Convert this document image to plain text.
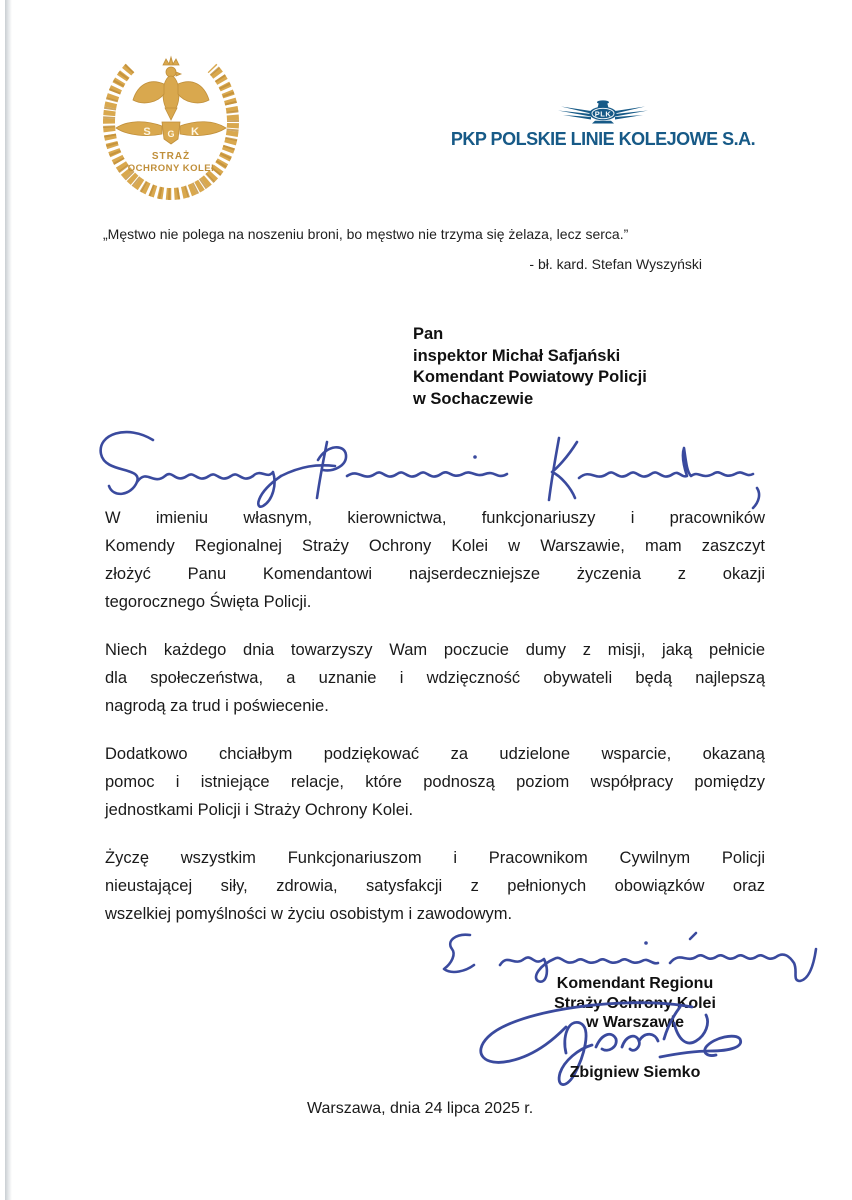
S G K
STRAŻ
OCHRONY KOLEI
PLK
PKP POLSKIE LINIE KOLEJOWE S.A.
„Męstwo nie polega na noszeniu broni, bo męstwo nie trzyma się żelaza, lecz serca.”
- bł. kard. Stefan Wyszyński
Pan
inspektor Michał Safjański
Komendant Powiatowy Policji
w Sochaczewie
W imieniu własnym, kierownictwa, funkcjonariuszy i pracowników
Komendy Regionalnej Straży Ochrony Kolei w Warszawie, mam zaszczyt
złożyć Panu Komendantowi najserdeczniejsze życzenia z okazji
tegorocznego Święta Policji.
Niech każdego dnia towarzyszy Wam poczucie dumy z misji, jaką pełnicie
dla społeczeństwa, a uznanie i wdzięczność obywateli będą najlepszą
nagrodą za trud i poświecenie.
Dodatkowo chciałbym podziękować za udzielone wsparcie, okazaną
pomoc i istniejące relacje, które podnoszą poziom współpracy pomiędzy
jednostkami Policji i Straży Ochrony Kolei.
Życzę wszystkim Funkcjonariuszom i Pracownikom Cywilnym Policji
nieustającej siły, zdrowia, satysfakcji z pełnionych obowiązków oraz
wszelkiej pomyślności w życiu osobistym i zawodowym.
Komendant Regionu
Straży Ochrony Kolei
w Warszawie
Zbigniew Siemko
Warszawa, dnia 24 lipca 2025 r.
